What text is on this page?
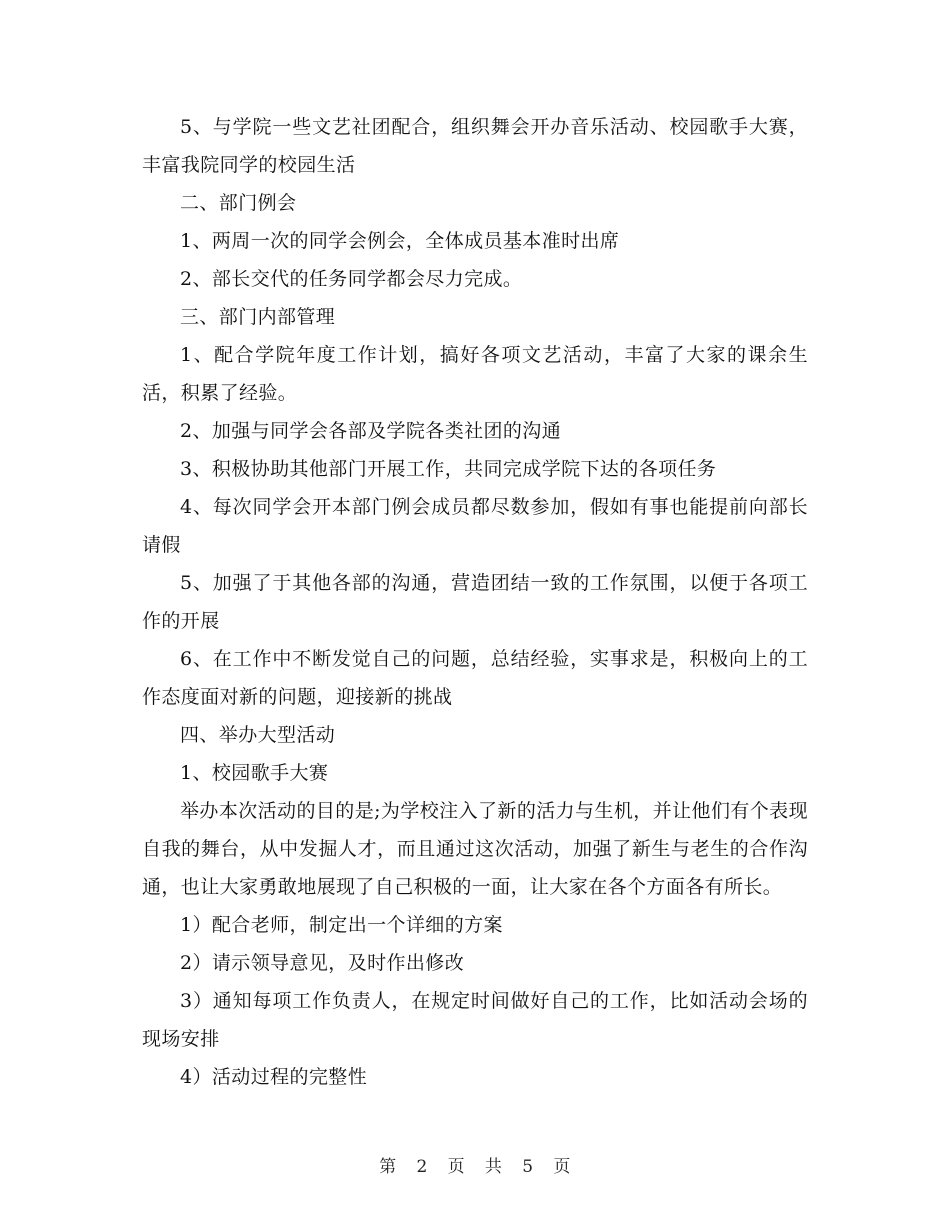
5、与学院一些文艺社团配合，组织舞会开办音乐活动、校园歌手大赛，丰富我院同学的校园生活

二、部门例会

1、两周一次的同学会例会，全体成员基本准时出席

2、部长交代的任务同学都会尽力完成。

三、部门内部管理

1、配合学院年度工作计划，搞好各项文艺活动，丰富了大家的课余生活，积累了经验。

2、加强与同学会各部及学院各类社团的沟通

3、积极协助其他部门开展工作，共同完成学院下达的各项任务

4、每次同学会开本部门例会成员都尽数参加，假如有事也能提前向部长请假

5、加强了于其他各部的沟通，营造团结一致的工作氛围，以便于各项工作的开展

6、在工作中不断发觉自己的问题，总结经验，实事求是，积极向上的工作态度面对新的问题，迎接新的挑战

四、举办大型活动

1、校园歌手大赛

举办本次活动的目的是;为学校注入了新的活力与生机，并让他们有个表现自我的舞台，从中发掘人才，而且通过这次活动，加强了新生与老生的合作沟通，也让大家勇敢地展现了自己积极的一面，让大家在各个方面各有所长。

1）配合老师，制定出一个详细的方案

2）请示领导意见，及时作出修改

3）通知每项工作负责人，在规定时间做好自己的工作，比如活动会场的现场安排

4）活动过程的完整性

第 2 页 共 5 页
